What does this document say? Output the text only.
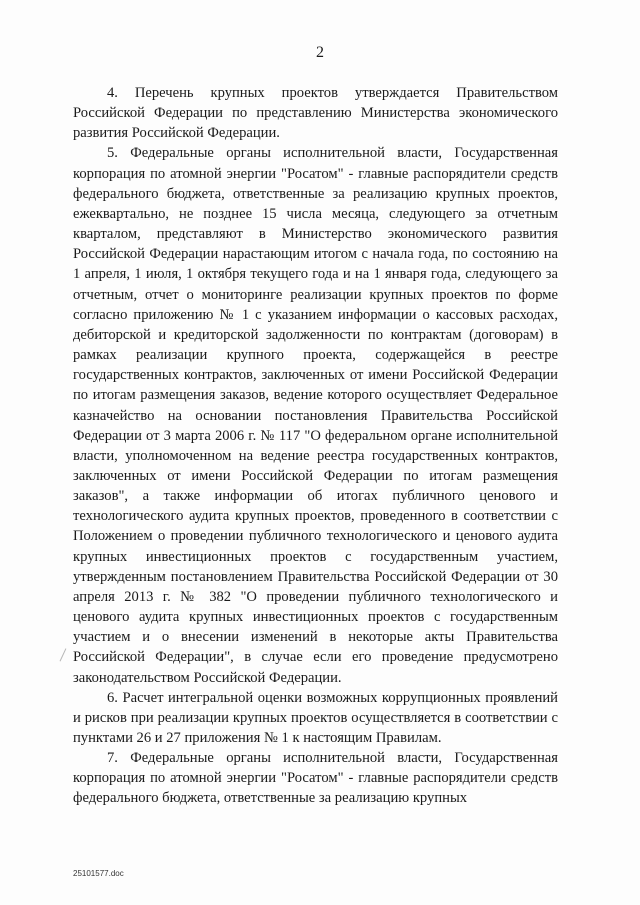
2

4. Перечень крупных проектов утверждается Правительством Российской Федерации по представлению Министерства экономического развития Российской Федерации.

5. Федеральные органы исполнительной власти, Государственная корпорация по атомной энергии "Росатом" - главные распорядители средств федерального бюджета, ответственные за реализацию крупных проектов, ежеквартально, не позднее 15 числа месяца, следующего за отчетным кварталом, представляют в Министерство экономического развития Российской Федерации нарастающим итогом с начала года, по состоянию на 1 апреля, 1 июля, 1 октября текущего года и на 1 января года, следующего за отчетным, отчет о мониторинге реализации крупных проектов по форме согласно приложению № 1 с указанием информации о кассовых расходах, дебиторской и кредиторской задолженности по контрактам (договорам) в рамках реализации крупного проекта, содержащейся в реестре государственных контрактов, заключенных от имени Российской Федерации по итогам размещения заказов, ведение которого осуществляет Федеральное казначейство на основании постановления Правительства Российской Федерации от 3 марта 2006 г. № 117 "О федеральном органе исполнительной власти, уполномоченном на ведение реестра государственных контрактов, заключенных от имени Российской Федерации по итогам размещения заказов", а также информации об итогах публичного ценового и технологического аудита крупных проектов, проведенного в соответствии с Положением о проведении публичного технологического и ценового аудита крупных инвестиционных проектов с государственным участием, утвержденным постановлением Правительства Российской Федерации от 30 апреля 2013 г. № 382 "О проведении публичного технологического и ценового аудита крупных инвестиционных проектов с государственным участием и о внесении изменений в некоторые акты Правительства Российской Федерации", в случае если его проведение предусмотрено законодательством Российской Федерации.

6. Расчет интегральной оценки возможных коррупционных проявлений и рисков при реализации крупных проектов осуществляется в соответствии с пунктами 26 и 27 приложения № 1 к настоящим Правилам.

7. Федеральные органы исполнительной власти, Государственная корпорация по атомной энергии "Росатом" - главные распорядители средств федерального бюджета, ответственные за реализацию крупных

25101577.doc
